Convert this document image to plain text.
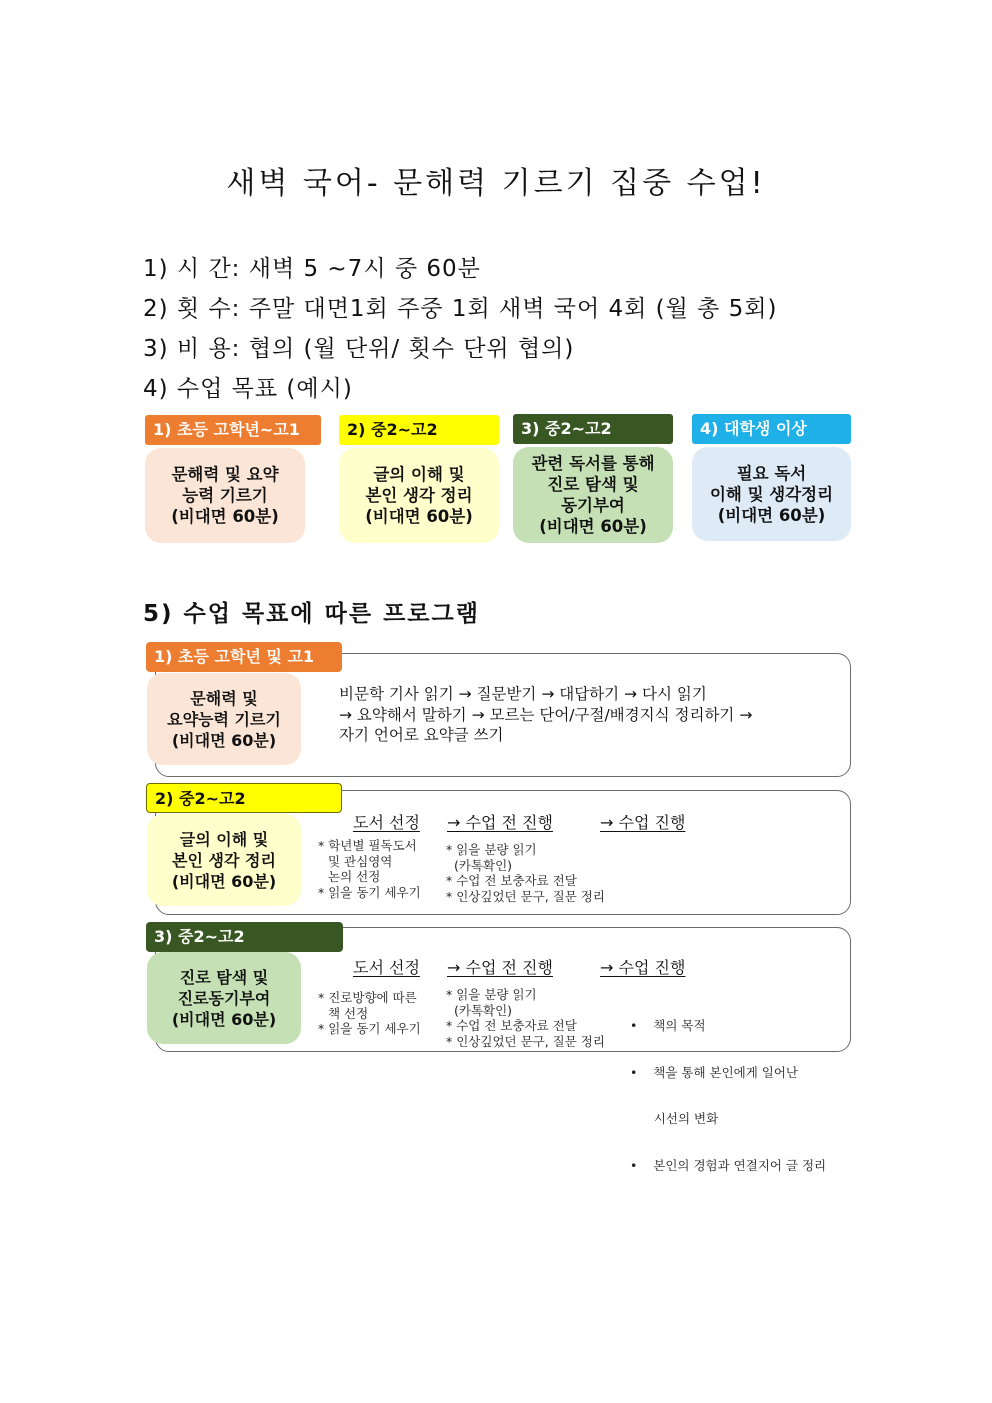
새벽 국어- 문해력 기르기 집중 수업!
1) 시 간: 새벽 5 ~7시 중 60분
2) 횟 수: 주말 대면1회 주중 1회 새벽 국어 4회 (월 총 5회)
3) 비 용: 협의 (월 단위/ 횟수 단위 협의)
4) 수업 목표 (예시)
1) 초등 고학년~고1
문해력 및 요약
능력 기르기
(비대면 60분)
2) 중2~고2
글의 이해 및
본인 생각 정리
(비대면 60분)
3) 중2~고2
관련 독서를 통해
진로 탐색 및
동기부여
(비대면 60분)
4) 대학생 이상
필요 독서
이해 및 생각정리
(비대면 60분)
5) 수업 목표에 따른 프로그램
1) 초등 고학년 및 고1
문해력 및
요약능력 기르기
(비대면 60분)
비문학 기사 읽기 → 질문받기 → 대답하기 → 다시 읽기
→ 요약해서 말하기 → 모르는 단어/구절/배경지식 정리하기 →
자기 언어로 요약글 쓰기
2) 중2~고2
글의 이해 및
본인 생각 정리
(비대면 60분)
도서 선정 → 수업 전 진행	→ 수업 진행
* 학년별 필독도서
및 관심영역
논의 선정
* 읽을 동기 세우기
* 읽을 분량 읽기
(카톡확인)
* 수업 전 보충자료 전달
* 인상깊었던 문구, 질문 정리
3) 중2~고2
진로 탐색 및
진로동기부여
(비대면 60분)
도서 선정 → 수업 전 진행	→ 수업 진행
* 진로방향에 따른
책 선정
* 읽을 동기 세우기
* 읽을 분량 읽기
(카톡확인)
* 수업 전 보충자료 전달
* 인상깊었던 문구, 질문 정리

•    책의 목적

•    책을 통해 본인에게 일어난

시선의 변화

•    본인의 경험과 연결지어 글 정리
